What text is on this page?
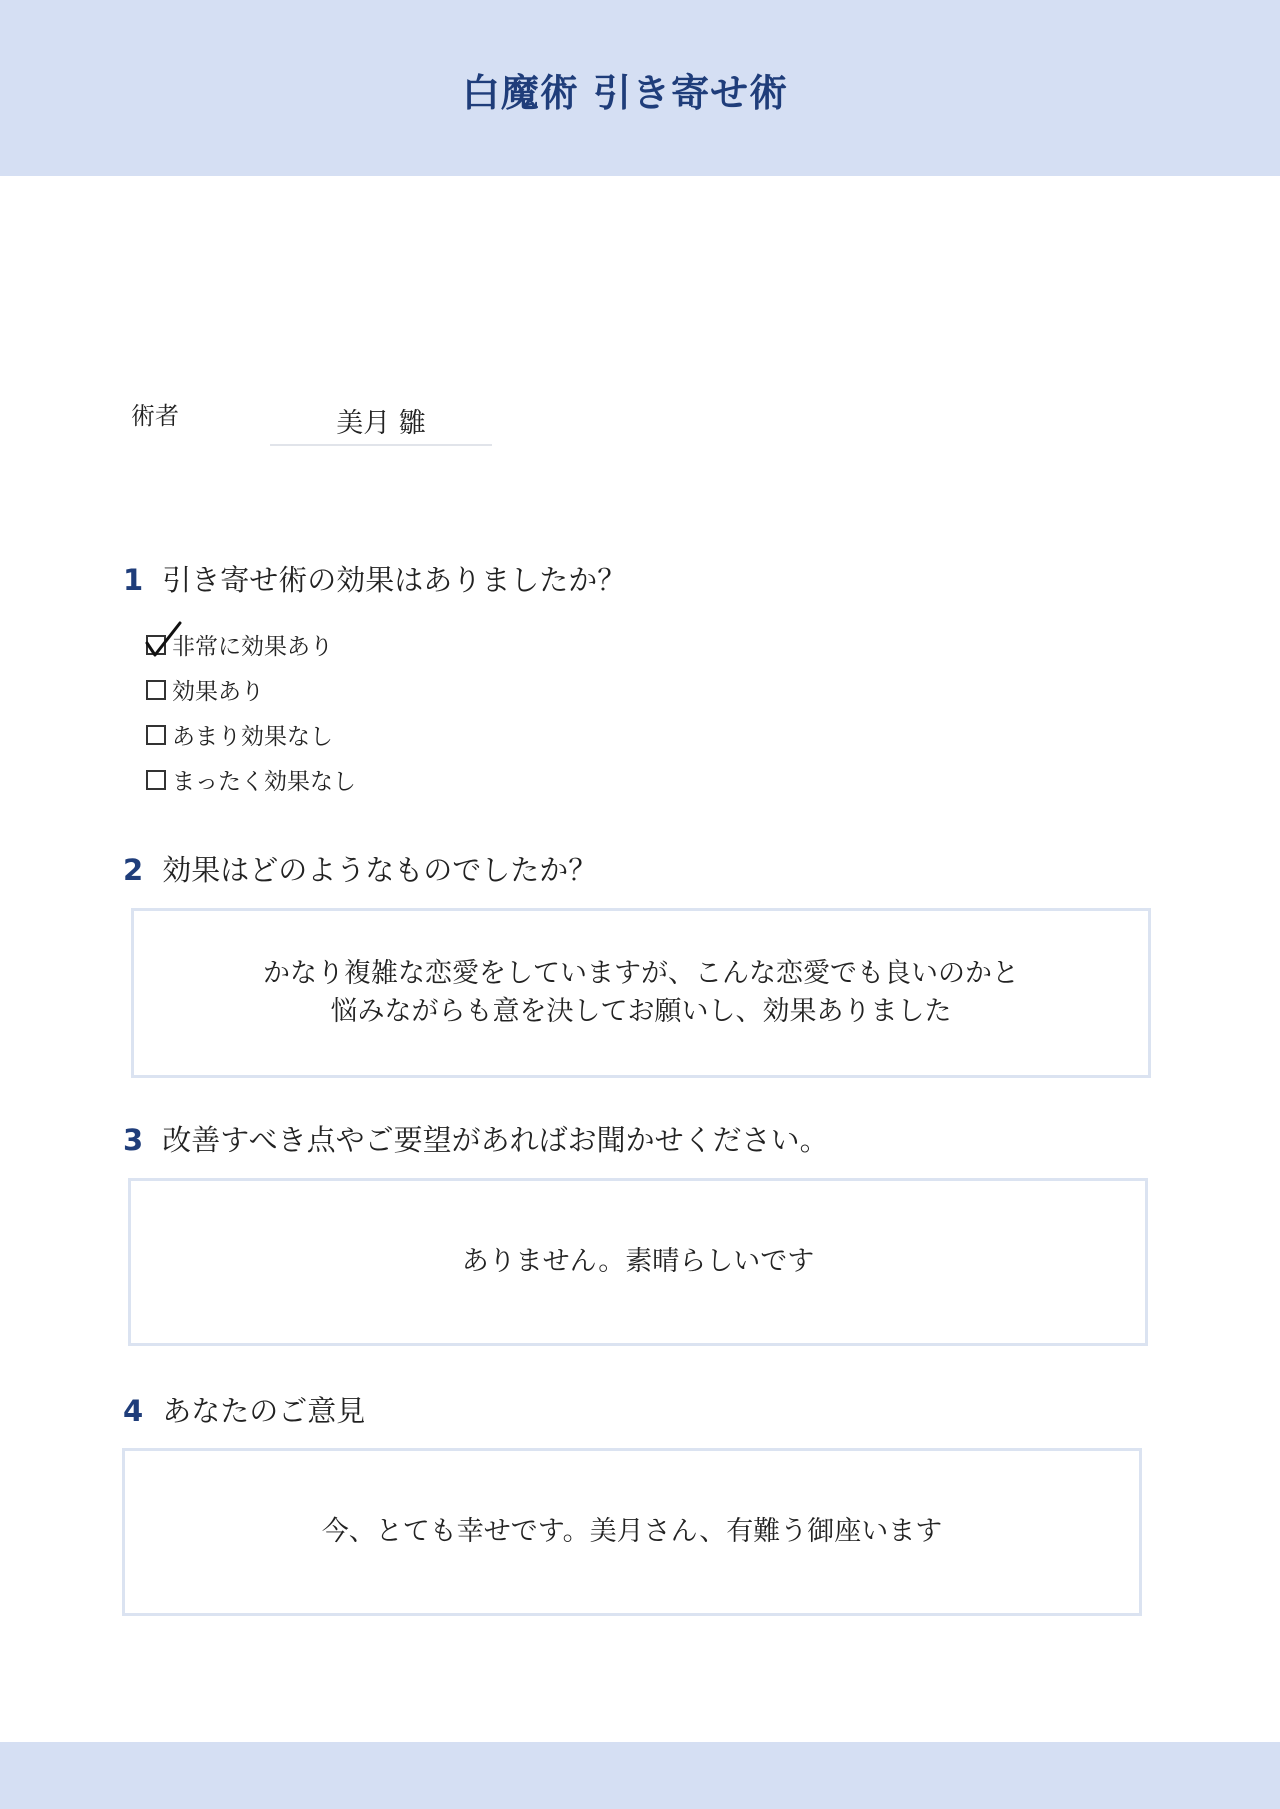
白魔術 引き寄せ術
術者	美月 雛
1 引き寄せ術の効果はありましたか？
非常に効果あり
効果あり
あまり効果なし
まったく効果なし
2 効果はどのようなものでしたか？
かなり複雑な恋愛をしていますが、こんな恋愛でも良いのかと
悩みながらも意を決してお願いし、効果ありました
3 改善すべき点やご要望があればお聞かせください。
ありません。素晴らしいです
4 あなたのご意見
今、とても幸せです。美月さん、有難う御座います
